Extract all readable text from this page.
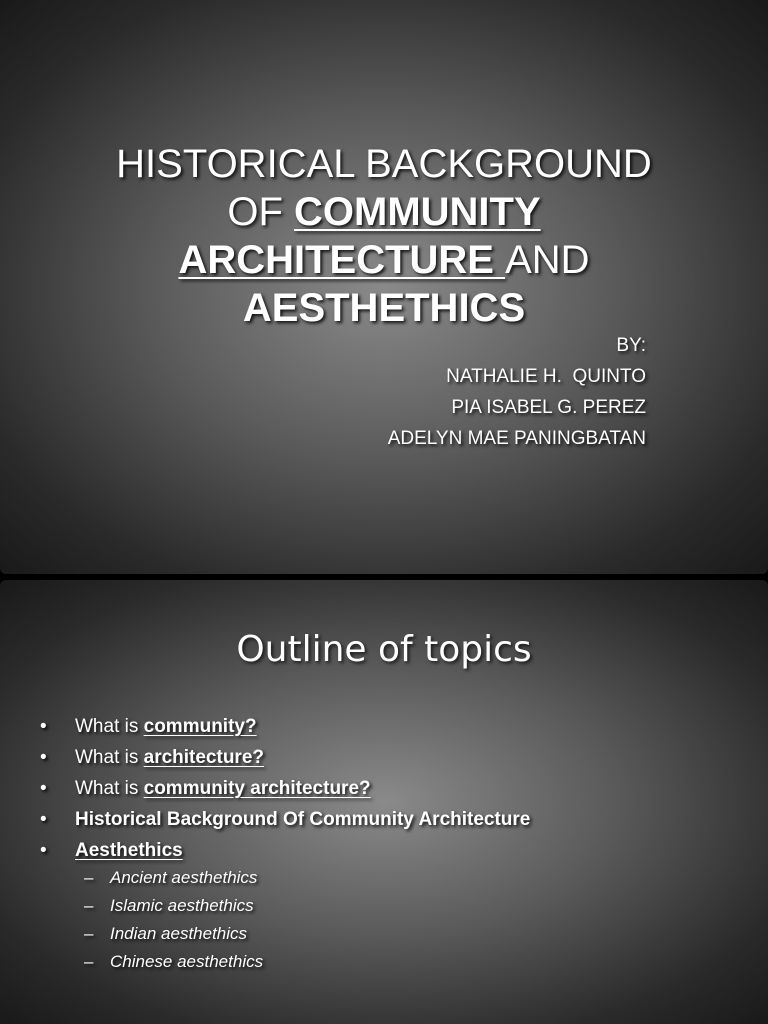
HISTORICAL BACKGROUND
OF COMMUNITY
ARCHITECTURE AND
AESTHETHICS
BY:
NATHALIE H.  QUINTO
PIA ISABEL G. PEREZ
ADELYN MAE PANINGBATAN
Outline of topics
• What is community?
• What is architecture?
• What is community architecture?
• Historical Background Of Community Architecture
• Aesthethics
– Ancient aesthethics
– Islamic aesthethics
– Indian aesthethics
– Chinese aesthethics
